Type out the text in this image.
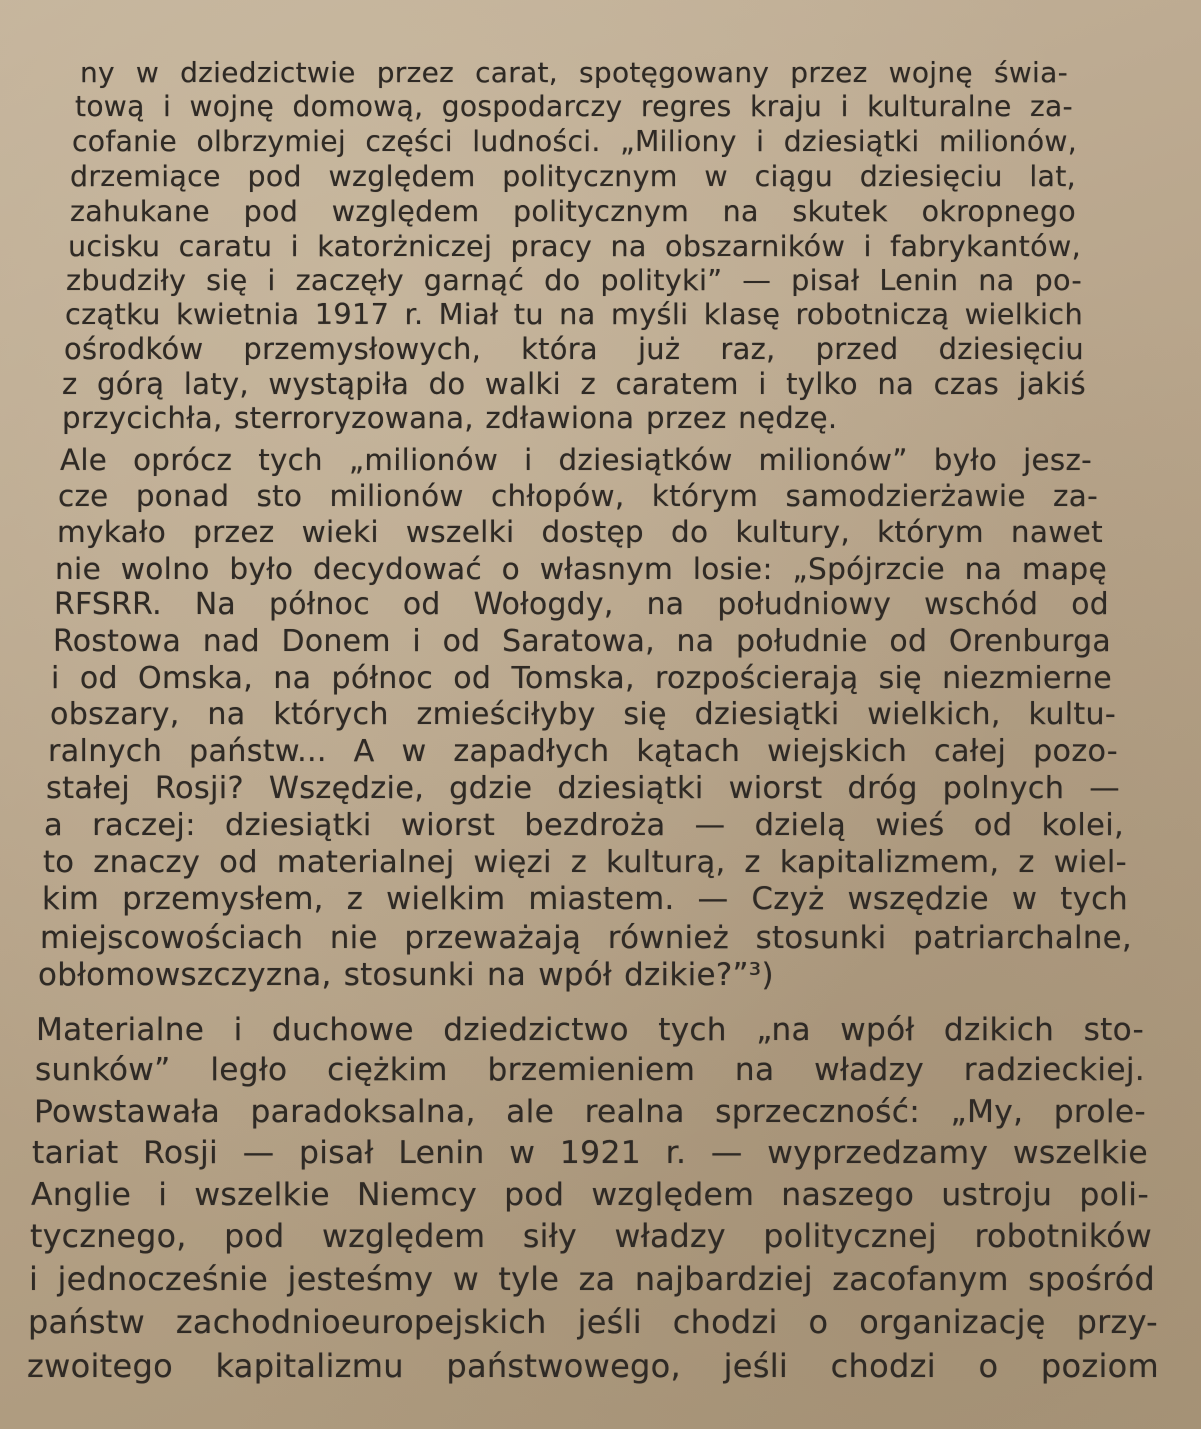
ny w dziedzictwie przez carat, spotęgowany przez wojnę świa-
tową i wojnę domową, gospodarczy regres kraju i kulturalne za-
cofanie olbrzymiej części ludności. „Miliony i dziesiątki milionów,
drzemiące pod względem politycznym w ciągu dziesięciu lat,
zahukane pod względem politycznym na skutek okropnego
ucisku caratu i katorżniczej pracy na obszarników i fabrykantów,
zbudziły się i zaczęły garnąć do polityki” — pisał Lenin na po-
czątku kwietnia 1917 r. Miał tu na myśli klasę robotniczą wielkich
ośrodków przemysłowych, która już raz, przed dziesięciu
z górą laty, wystąpiła do walki z caratem i tylko na czas jakiś
przycichła, sterroryzowana, zdławiona przez nędzę.
Ale oprócz tych „milionów i dziesiątków milionów” było jesz-
cze ponad sto milionów chłopów, którym samodzierżawie za-
mykało przez wieki wszelki dostęp do kultury, którym nawet
nie wolno było decydować o własnym losie: „Spójrzcie na mapę
RFSRR. Na północ od Wołogdy, na południowy wschód od
Rostowa nad Donem i od Saratowa, na południe od Orenburga
i od Omska, na północ od Tomska, rozpościerają się niezmierne
obszary, na których zmieściłyby się dziesiątki wielkich, kultu-
ralnych państw... A w zapadłych kątach wiejskich całej pozo-
stałej Rosji? Wszędzie, gdzie dziesiątki wiorst dróg polnych —
a raczej: dziesiątki wiorst bezdroża — dzielą wieś od kolei,
to znaczy od materialnej więzi z kulturą, z kapitalizmem, z wiel-
kim przemysłem, z wielkim miastem. — Czyż wszędzie w tych
miejscowościach nie przeważają również stosunki patriarchalne,
obłomowszczyzna, stosunki na wpół dzikie?”³)
Materialne i duchowe dziedzictwo tych „na wpół dzikich sto-
sunków” legło ciężkim brzemieniem na władzy radzieckiej.
Powstawała paradoksalna, ale realna sprzeczność: „My, prole-
tariat Rosji — pisał Lenin w 1921 r. — wyprzedzamy wszelkie
Anglie i wszelkie Niemcy pod względem naszego ustroju poli-
tycznego, pod względem siły władzy politycznej robotników
i jednocześnie jesteśmy w tyle za najbardziej zacofanym spośród
państw zachodnioeuropejskich jeśli chodzi o organizację przy-
zwoitego kapitalizmu państwowego, jeśli chodzi o poziom
